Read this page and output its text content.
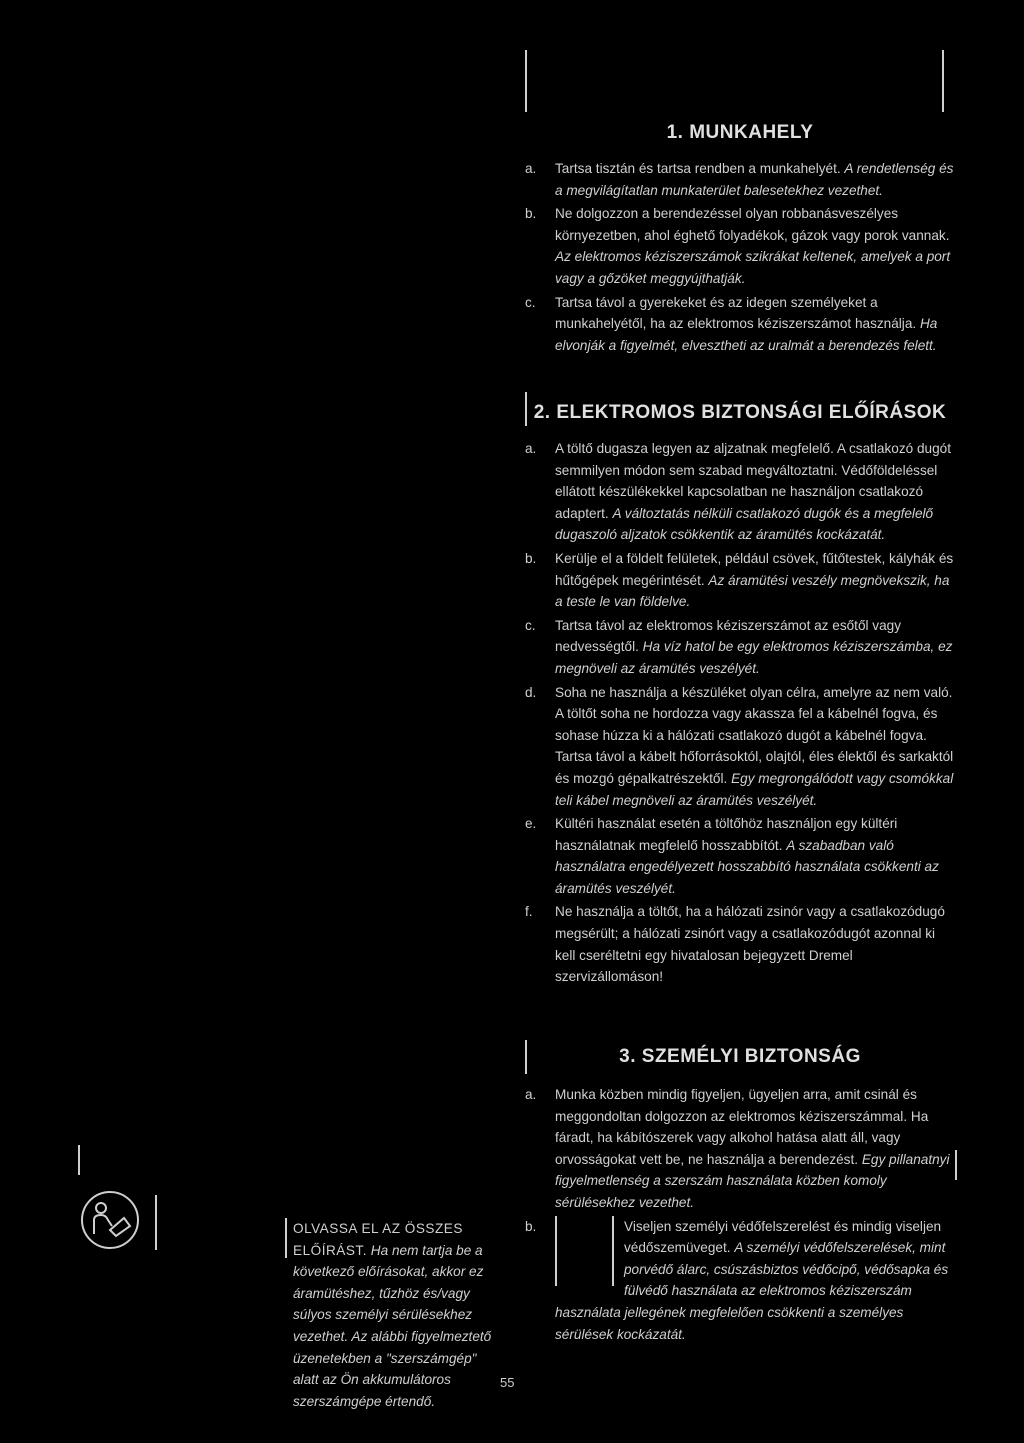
1. MUNKAHELY
a.	Tartsa tisztán és tartsa rendben a munkahelyét. A rendetlenség és a megvilágítatlan munkaterület balesetekhez vezethet.
b.	Ne dolgozzon a berendezéssel olyan robbanásveszélyes környezetben, ahol éghető folyadékok, gázok vagy porok vannak. Az elektromos kéziszerszámok szikrákat keltenek, amelyek a port vagy a gőzöket meggyújthatják.
c.	Tartsa távol a gyerekeket és az idegen személyeket a munkahelyétől, ha az elektromos kéziszerszámot használja. Ha elvonják a figyelmét, elvesztheti az uralmát a berendezés felett.
2. ELEKTROMOS BIZTONSÁGI ELŐÍRÁSOK
a.	A töltő dugasza legyen az aljzatnak megfelelő. A csatlakozó dugót semmilyen módon sem szabad megváltoztatni. Védőföldeléssel ellátott készülékekkel kapcsolatban ne használjon csatlakozó adaptert. A változtatás nélküli csatlakozó dugók és a megfelelő dugaszoló aljzatok csökkentik az áramütés kockázatát.
b.	Kerülje el a földelt felületek, például csövek, fűtőtestek, kályhák és hűtőgépek megérintését. Az áramütési veszély megnövekszik, ha a teste le van földelve.
c.	Tartsa távol az elektromos kéziszerszámot az esőtől vagy nedvességtől. Ha víz hatol be egy elektromos kéziszerszámba, ez megnöveli az áramütés veszélyét.
d.	Soha ne használja a készüléket olyan célra, amelyre az nem való. A töltőt soha ne hordozza vagy akassza fel a kábelnél fogva, és sohase húzza ki a hálózati csatlakozó dugót a kábelnél fogva. Tartsa távol a kábelt hőforrásoktól, olajtól, éles élektől és sarkaktól és mozgó gépalkatrészektől. Egy megrongálódott vagy csomókkal teli kábel megnöveli az áramütés veszélyét.
e.	Kültéri használat esetén a töltőhöz használjon egy kültéri használatnak megfelelő hosszabbítót. A szabadban való használatra engedélyezett hosszabbító használata csökkenti az áramütés veszélyét.
f.	Ne használja a töltőt, ha a hálózati zsinór vagy a csatlakozódugó megsérült; a hálózati zsinórt vagy a csatlakozódugót azonnal ki kell cseréltetni egy hivatalosan bejegyzett Dremel szervizállomáson!
3. SZEMÉLYI BIZTONSÁG
a.	Munka közben mindig figyeljen, ügyeljen arra, amit csinál és meggondoltan dolgozzon az elektromos kéziszerszámmal. Ha fáradt, ha kábítószerek vagy alkohol hatása alatt áll, vagy orvosságokat vett be, ne használja a berendezést. Egy pillanatnyi figyelmetlenség a szerszám használata közben komoly sérülésekhez vezethet.
b.	Viseljen személyi védőfelszerelést és mindig viseljen védőszemüveget. A személyi védőfelszerelések, mint porvédő álarc, csúszásbiztos védőcipő, védősapka és fülvédő használata az elektromos kéziszerszám használata jellegének megfelelően csökkenti a személyes sérülések kockázatát.
OLVASSA EL AZ ÖSSZES
ELŐÍRÁST. Ha nem tartja be a következő előírásokat, akkor ez áramütéshez, tűzhöz és/vagy súlyos személyi sérülésekhez vezethet. Az alábbi figyelmeztető üzenetekben a "szerszámgép" alatt az Ön akkumulátoros szerszámgépe értendő.
55
